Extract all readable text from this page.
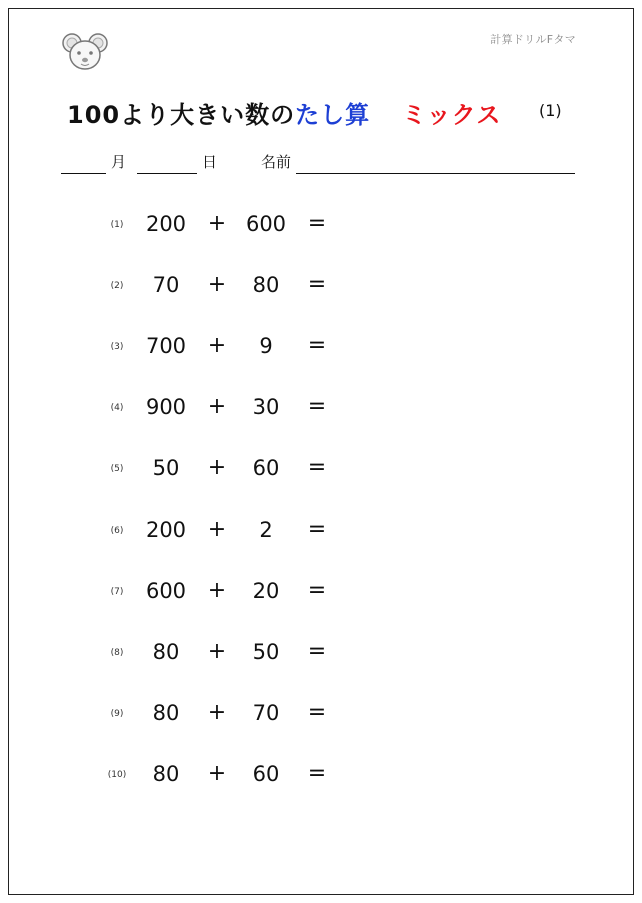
計算ドリルFタマ
100より大きい数のたし算 ミックス (1)
月	日	名前
(1)	200 + 600 =
(2)	70	+	80	=
(3)	700 +	9	=
(4)	900 +	30	=
(5)	50	+	60	=
(6)	200 +	2	=
(7)	600 +	20	=
(8)	80	+	50	=
(9)	80	+	70	=
(10)	80	+	60	=
